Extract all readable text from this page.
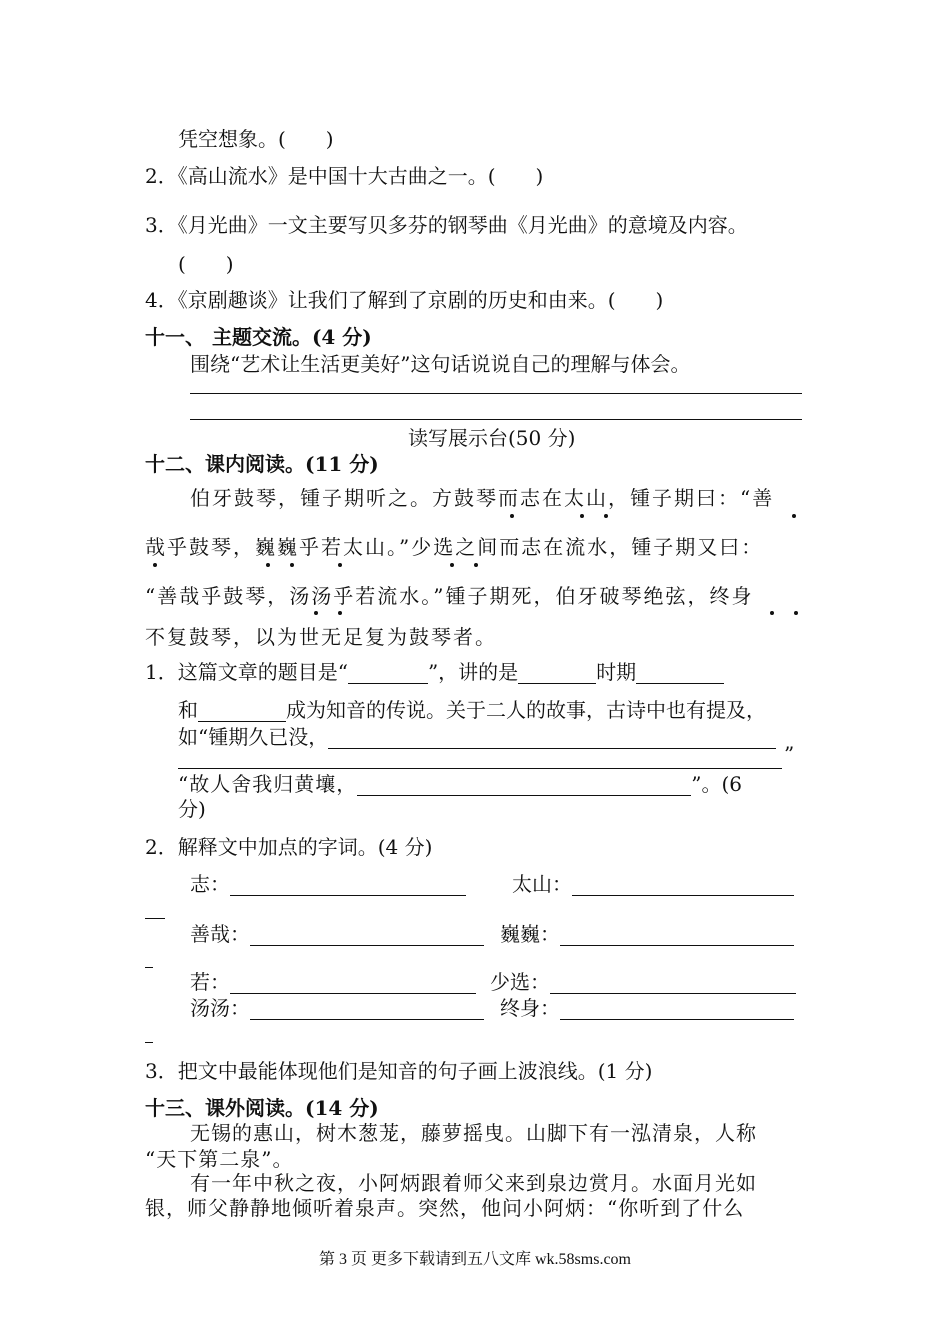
凭空想象。(　　)
2．《高山流水》是中国十大古曲之一。(　　)
3．《月光曲》一文主要写贝多芬的钢琴曲《月光曲》的意境及内容。
(　　)
4．《京剧趣谈》让我们了解到了京剧的历史和由来。(　　)
十一、 主题交流。(4 分)
围绕“艺术让生活更美好”这句话说说自己的理解与体会。
读写展示台(50 分)
十二、课内阅读。(11 分)
伯牙鼓琴，锺子期听之。方鼓琴而志在太山，锺子期曰：“善
哉乎鼓琴，巍巍乎若太山。”少选之间而志在流水，锺子期又曰：
“善哉乎鼓琴，汤汤乎若流水。”锺子期死，伯牙破琴绝弦，终身
不复鼓琴，以为世无足复为鼓琴者。
1．这篇文章的题目是“	”，讲的是	时期
和	成为知音的传说。关于二人的故事，古诗中也有提及，
如“锺期久已没，
”
“故人舍我归黄壤，	”。(6
分)
2．解释文中加点的字词。(4 分)
志：	太山：
善哉：	巍巍：
若：	少选：
汤汤：	终身：
3．把文中最能体现他们是知音的句子画上波浪线。(1 分)
十三、课外阅读。(14 分)
无锡的惠山，树木葱茏，藤萝摇曳。山脚下有一泓清泉，人称
“天下第二泉”。
有一年中秋之夜，小阿炳跟着师父来到泉边赏月。水面月光如
银，师父静静地倾听着泉声。突然，他问小阿炳：“你听到了什么
第 3 页 更多下载请到五八文库 wk.58sms.com
